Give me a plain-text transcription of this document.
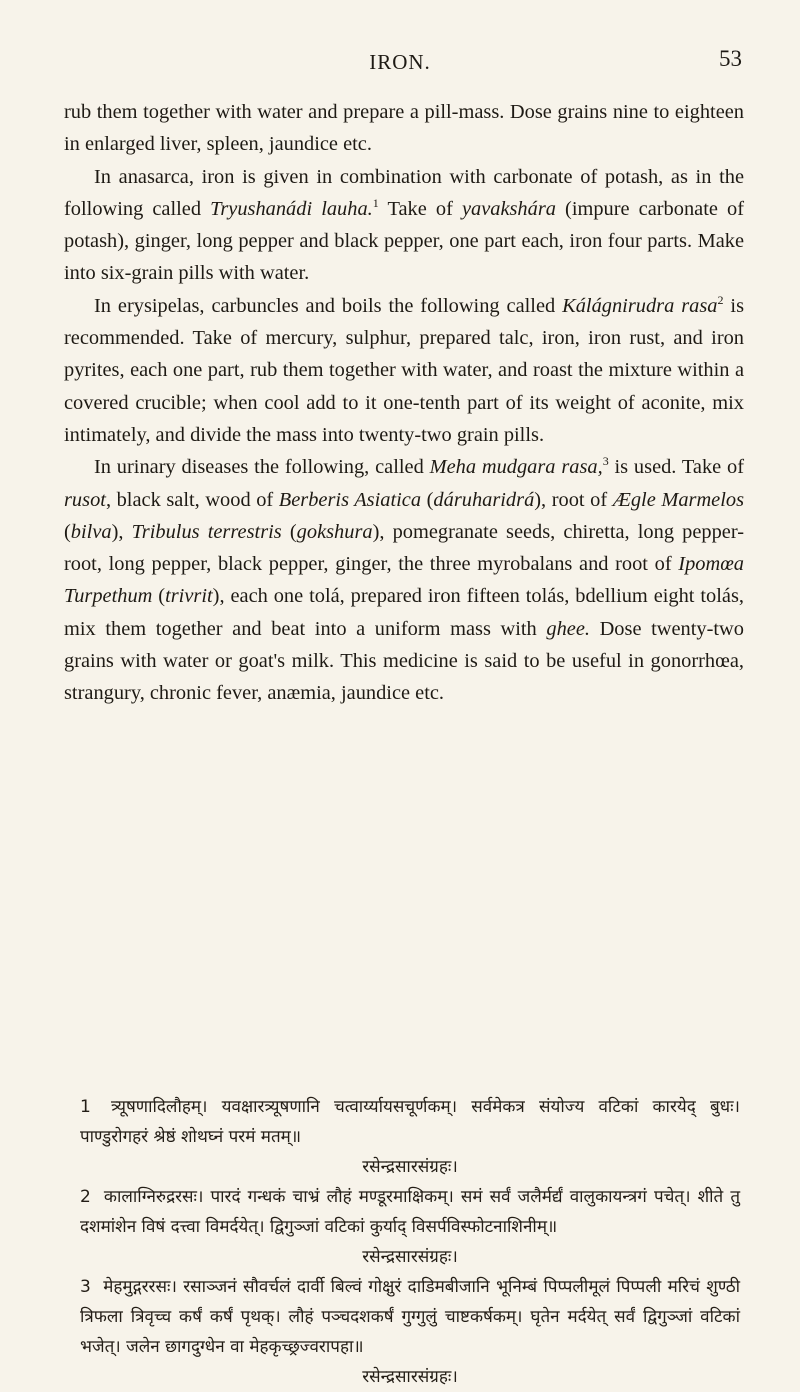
IRON.	53

rub them together with water and prepare a pill-mass. Dose grains nine to eighteen in enlarged liver, spleen, jaundice etc.

In anasarca, iron is given in combination with carbonate of potash, as in the following called Tryushanádi lauha.$^1$ Take of yavakshára (impure carbonate of potash), ginger, long pepper and black pepper, one part each, iron four parts. Make into six-grain pills with water.

In erysipelas, carbuncles and boils the following called Kálágnirudra rasa$^2$ is recommended. Take of mercury, sulphur, prepared talc, iron, iron rust, and iron pyrites, each one part, rub them together with water, and roast the mixture within a covered crucible; when cool add to it one-tenth part of its weight of aconite, mix intimately, and divide the mass into twenty-two grain pills.

In urinary diseases the following, called Meha mudgara rasa,$^3$ is used. Take of rusot, black salt, wood of Berberis Asiatica (dáruharidrá), root of Ægle Marmelos (bilva), Tribulus terrestris (gokshura), pomegranate seeds, chiretta, long pepper-root, long pepper, black pepper, ginger, the three myrobalans and root of Ipomœa Turpethum (trivrit), each one tolá, prepared iron fifteen tolás, bdellium eight tolás, mix them together and beat into a uniform mass with ghee. Dose twenty-two grains with water or goat's milk. This medicine is said to be useful in gonorrhœa, strangury, chronic fever, anæmia, jaundice etc.

1 त्र्यूषणादिलौहम्। यवक्षारत्र्यूषणानि चत्वार्य्यायसचूर्णकम्। सर्वमेकत्र संयोज्य वटिकां कारयेद् बुधः। पाण्डुरोगहरं श्रेष्ठं शोथघ्नं परमं मतम्॥
रसेन्द्रसारसंग्रहः।

2 कालाग्निरुद्ररसः। पारदं गन्धकं चाभ्रं लौहं मण्डूरमाक्षिकम्। समं सर्वं जलैर्मर्द्यं वालुकायन्त्रगं पचेत्। शीते तु दशमांशेन विषं दत्त्वा विमर्दयेत्। द्विगुञ्जां वटिकां कुर्याद् विसर्पविस्फोटनाशिनीम्॥
रसेन्द्रसारसंग्रहः।

3 मेहमुद्गररसः। रसाञ्जनं सौवर्चलं दार्वी बिल्वं गोक्षुरं दाडिमबीजानि भूनिम्बं पिप्पलीमूलं पिप्पली मरिचं शुण्ठी त्रिफला त्रिवृच्च कर्षं कर्षं पृथक्। लौहं पञ्चदशकर्षं गुग्गुलुं चाष्टकर्षकम्। घृतेन मर्दयेत् सर्वं द्विगुञ्जां वटिकां भजेत्। जलेन छागदुग्धेन वा मेहकृच्छ्रज्वरापहा॥
रसेन्द्रसारसंग्रहः।
